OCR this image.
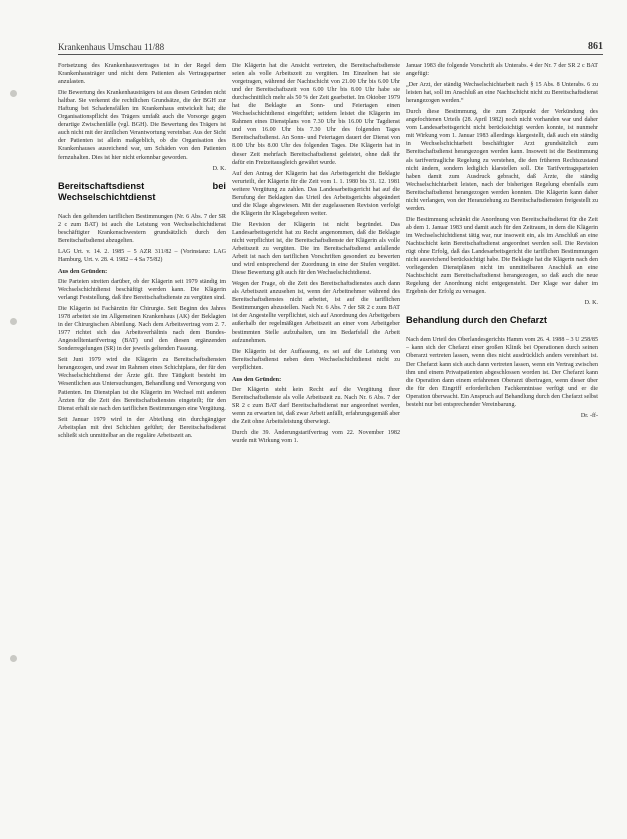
Krankenhaus Umschau 11/88	861

Fortsetzung des Krankenhausvertrages ist in der Regel dem Krankenhausträger und nicht dem Patienten als Vertragspartner anzulasten.

Die Bewertung des Krankenhausträgers ist aus diesen Gründen nicht haltbar. Sie verkennt die rechtlichen Grundsätze, die der BGH zur Haftung bei Schadensfällen im Krankenhaus entwickelt hat; die Organisationspflicht des Trägers umfaßt auch die Vorsorge gegen derartige Zwischenfälle (vgl. BGH). Die Bewertung des Trägers ist auch nicht mit der ärztlichen Verantwortung vereinbar. Aus der Sicht der Patienten ist allein maßgeblich, ob die Organisation des Krankenhauses ausreichend war, um Schäden von den Patienten fernzuhalten. Dies ist hier nicht erkennbar geworden.

D. K.
Bereitschaftsdienst bei Wechselschichtdienst

Nach den geltenden tariflichen Bestimmungen (Nr. 6 Abs. 7 der SR 2 c zum BAT) ist auch die Leistung von Wechselschichtdienst beschäftigter Krankenschwestern grundsätzlich durch den Bereitschaftsdienst abzugelten.

LAG Urt. v. 14. 2. 1985 – 5 AZR 311/82 – (Vorinstanz: LAG Hamburg, Urt. v. 28. 4. 1982 – 4 Sa 75/82)

Aus den Gründen:

Die Parteien streiten darüber, ob der Klägerin seit 1979 ständig im Wechselschichtdienst beschäftigt werden kann. Die Klägerin verlangt Feststellung, daß ihre Bereitschaftsdienste zu vergüten sind.

Die Klägerin ist Fachärztin für Chirurgie. Seit Beginn des Jahres 1978 arbeitet sie im Allgemeinen Krankenhaus (AK) der Beklagten in der Chirurgischen Abteilung. Nach dem Arbeitsvertrag vom 2. 7. 1977 richtet sich das Arbeitsverhältnis nach dem Bundes-Angestelltentarifvertrag (BAT) und den diesen ergänzenden Sonderregelungen (SR) in der jeweils geltenden Fassung.

Seit Juni 1979 wird die Klägerin zu Bereitschaftsdiensten herangezogen, und zwar im Rahmen eines Schichtplans, der für den Wechselschichtdienst der Ärzte gilt. Ihre Tätigkeit besteht im Wesentlichen aus Untersuchungen, Behandlung und Versorgung von Patienten. Im Dienstplan ist die Klägerin im Wechsel mit anderen Ärzten für die Zeit des Bereitschaftsdienstes eingeteilt; für den Dienst erhält sie nach den tariflichen Bestimmungen eine Vergütung.

Seit Januar 1979 wird in der Abteilung ein durchgängiger Arbeitsplan mit drei Schichten geführt; der Bereitschaftsdienst schließt sich unmittelbar an die reguläre Arbeitszeit an.

Die Klägerin hat die Ansicht vertreten, die Bereitschaftsdienste seien als volle Arbeitszeit zu vergüten. Im Einzelnen hat sie vorgetragen, während der Nachtschicht von 21.00 Uhr bis 6.00 Uhr und der Bereitschaftszeit von 6.00 Uhr bis 8.00 Uhr habe sie durchschnittlich mehr als 50 % der Zeit gearbeitet. Im Oktober 1979 hat die Beklagte an Sonn- und Feiertagen einen Wechselschichtdienst eingeführt; seitdem leistet die Klägerin im Rahmen eines Dienstplans von 7.30 Uhr bis 16.00 Uhr Tagdienst und von 16.00 Uhr bis 7.30 Uhr des folgenden Tages Bereitschaftsdienst. An Sonn- und Feiertagen dauert der Dienst von 8.00 Uhr bis 8.00 Uhr des folgenden Tages. Die Klägerin hat in dieser Zeit mehrfach Bereitschaftsdienst geleistet, ohne daß ihr dafür ein Freizeitausgleich gewährt wurde.

Auf den Antrag der Klägerin hat das Arbeitsgericht die Beklagte verurteilt, der Klägerin für die Zeit vom 1. 1. 1980 bis 31. 12. 1981 weitere Vergütung zu zahlen. Das Landesarbeitsgericht hat auf die Berufung der Beklagten das Urteil des Arbeitsgerichts abgeändert und die Klage abgewiesen. Mit der zugelassenen Revision verfolgt die Klägerin ihr Klagebegehren weiter.

Die Revision der Klägerin ist nicht begründet. Das Landesarbeitsgericht hat zu Recht angenommen, daß die Beklagte nicht verpflichtet ist, die Bereitschaftsdienste der Klägerin als volle Arbeitszeit zu vergüten. Die im Bereitschaftsdienst anfallende Arbeit ist nach den tariflichen Vorschriften gesondert zu bewerten und wird entsprechend der Zuordnung in eine der Stufen vergütet. Diese Bewertung gilt auch für den Wechselschichtdienst.

Wegen der Frage, ob die Zeit des Bereitschaftsdienstes auch dann als Arbeitszeit anzusehen ist, wenn der Arbeitnehmer während des Bereitschaftsdienstes nicht arbeitet, ist auf die tariflichen Bestimmungen abzustellen. Nach Nr. 6 Abs. 7 der SR 2 c zum BAT ist der Angestellte verpflichtet, sich auf Anordnung des Arbeitgebers außerhalb der regelmäßigen Arbeitszeit an einer vom Arbeitgeber bestimmten Stelle aufzuhalten, um im Bedarfsfall die Arbeit aufzunehmen.

Die Klägerin ist der Auffassung, es sei auf die Leistung von Bereitschaftsdienst neben dem Wechselschichtdienst nicht zu verpflichten.

Aus den Gründen:

Der Klägerin steht kein Recht auf die Vergütung ihrer Bereitschaftsdienste als volle Arbeitszeit zu. Nach Nr. 6 Abs. 7 der SR 2 c zum BAT darf Bereitschaftsdienst nur angeordnet werden, wenn zu erwarten ist, daß zwar Arbeit anfällt, erfahrungsgemäß aber die Zeit ohne Arbeitsleistung überwiegt.

Durch die 39. Änderungstarifvertrag vom 22. November 1982 wurde mit Wirkung vom 1.

Januar 1983 die folgende Vorschrift als Unterabs. 4 der Nr. 7 der SR 2 c BAT angefügt:

„Der Arzt, der ständig Wechselschichtarbeit nach § 15 Abs. 8 Unterabs. 6 zu leisten hat, soll im Anschluß an eine Nachtschicht nicht zu Bereitschaftsdienst herangezogen werden.“

Durch diese Bestimmung, die zum Zeitpunkt der Verkündung des angefochtenen Urteils (28. April 1982) noch nicht vorhanden war und daher vom Landesarbeitsgericht nicht berücksichtigt werden konnte, ist nunmehr mit Wirkung vom 1. Januar 1983 allerdings klargestellt, daß auch ein ständig in Wechselschichtarbeit beschäftigter Arzt grundsätzlich zum Bereitschaftsdienst herangezogen werden kann. Insoweit ist die Bestimmung als tarifvertragliche Regelung zu verstehen, die den früheren Rechtszustand nicht ändern, sondern lediglich klarstellen soll. Die Tarifvertragsparteien haben damit zum Ausdruck gebracht, daß Ärzte, die ständig Wechselschichtarbeit leisten, nach der bisherigen Regelung ebenfalls zum Bereitschaftsdienst herangezogen werden konnten. Die Klägerin kann daher nicht verlangen, von der Heranziehung zu Bereitschaftsdiensten freigestellt zu werden.

Die Bestimmung schränkt die Anordnung von Bereitschaftsdienst für die Zeit ab dem 1. Januar 1983 und damit auch für den Zeitraum, in dem die Klägerin im Wechselschichtdienst tätig war, nur insoweit ein, als im Anschluß an eine Nachtschicht kein Bereitschaftsdienst angeordnet werden soll. Die Revision rügt ohne Erfolg, daß das Landesarbeitsgericht die tariflichen Bestimmungen nicht ausreichend berücksichtigt habe. Die Beklagte hat die Klägerin nach den vorliegenden Dienstplänen nicht im unmittelbaren Anschluß an eine Nachtschicht zum Bereitschaftsdienst herangezogen, so daß auch die neue Regelung der Anordnung nicht entgegensteht. Der Klage war daher im Ergebnis der Erfolg zu versagen.

D. K.
Behandlung durch den Chefarzt

Nach dem Urteil des Oberlandesgerichts Hamm vom 26. 4. 1988 – 3 U 258/85 – kann sich der Chefarzt einer großen Klinik bei Operationen durch seinen Oberarzt vertreten lassen, wenn dies nicht ausdrücklich anders vereinbart ist. Der Chefarzt kann sich auch dann vertreten lassen, wenn ein Vertrag zwischen ihm und einem Privatpatienten abgeschlossen worden ist. Der Chefarzt kann die Operation dann einem erfahrenen Oberarzt übertragen, wenn dieser über die für den Eingriff erforderlichen Fachkenntnisse verfügt und er die Operation überwacht. Ein Anspruch auf Behandlung durch den Chefarzt selbst besteht nur bei entsprechender Vereinbarung.

Dr. -ff-
